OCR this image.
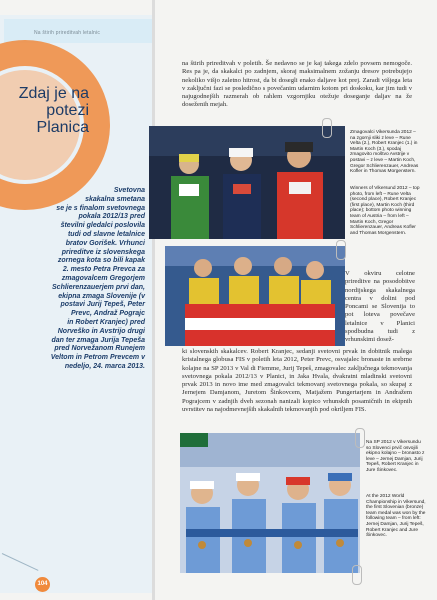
Na štirih prireditvah letalnic
Zdaj je na
potezi
Planica
Svetovna
skakalna smetana
se je s finalom svetovnega
pokala 2012/13 pred
številni gledalci poslovila
tudi od slavne letalnice
bratov Gorišek. Vrhunci
prireditve iz slovenskega
zornega kota so bili kapak
2. mesto Petra Prevca za
zmagovalcem Gregorjem
Schlierenzauerjem prvi dan,
ekipna zmaga Slovenije (v
postavi Jurij Tepeš, Peter
Prevc, Andraž Pograjc
in Robert Kranjec) pred
Norveško in Avstrijo drugi
dan ter zmaga Jurija Tepeša
pred Norvežanom Runejem
Veltom in Petrom Prevcem v
nedeljo, 24. marca 2013.
104
na štirih prireditvah v poletih. Še nedavno se je kaj takega zdelo povsem nemogoče. Res pa je, da skakalci po zadnjem, skoraj maksimalnem zožanju dresov potrebujejo nekoliko višjo zaletno hitrost, da bi dosegli enako daljave kot prej. Zaradi višjega leta v zaključni fazi se posledično s povečanim udarnim kotom pri doskoku, kar jim tudi v najugodnejših razmerah ob rahlem vzgornjiku otežuje doseganje daljav na že doseženih mejah.
V okviru celotne prireditve na posodobitve nordijskega skakalnega centra v dolini pod Poncami se Slovenija to pot loteva povečave letalnice v Planici spodbudna tudi z vrhunskimi dosež-
ki slovenskih skakalcev. Robert Kranjec, sedanji svetovni prvak in dobitnik malega kristalnega globusa FIS v poletih leta 2012, Peter Prevc, osvajalec bronaste in srebrne kolajne na SP 2013 v Val di Fiemme, Jurij Tepeš, zmagovalec zaključnega tekmovanja svetovnega pokala 2012/13 v Planici, in Jaka Hvala, dvakratni mladinski svetovni prvak 2013 in novo ime med zmagovalci tekmovanj svetovnega pokala, so skupaj z Jernejem Damjanom, Juretom Šinkovcem, Matjažem Pungertarjem in Andražem Pograjcem v zadnjih dveh sezonah nanizali kopico vrhunskih posamičnih in ekipnih uvrstitev na najodmevnejših skakalnih tekmovanjih pod okriljem FIS.
Zmagovalci Vikersunda 2012 – na zgornji sliki z leve – Rune Velta (2.), Robert Kranjec (1.) in Martin Koch (3.), spodaj zmagovito moštvo Avstrije v postavi – z leve – Martin Koch, Gregor Schlierenzauer, Andreas Kofler in Thomas Morgenstern.
Winners of Vikersund 2012 – top photo, from left – Rune Velta (second place), Robert Kranjec (first place), Martin Koch (third place); bottom photo winning team of Austria – from left – Martin Koch, Gregor Schlierenzauer, Andreas Kofler and Thomas Morgenstern.
Na SP 2012 v Vikersundu so Slovenci prvič osvojili ekipno kolajno – bronasto z leve – Jernej Damjan, Jurij Tepeš, Robert Kranjec in Jure Šinkovec.
At the 2012 World Championship in Vikersund, the first Slovenian (bronze) team medal was won by the following team – from left: Jernej Damjan, Jurij Tepeš, Robert Kranjec and Jure Šinkovec.
